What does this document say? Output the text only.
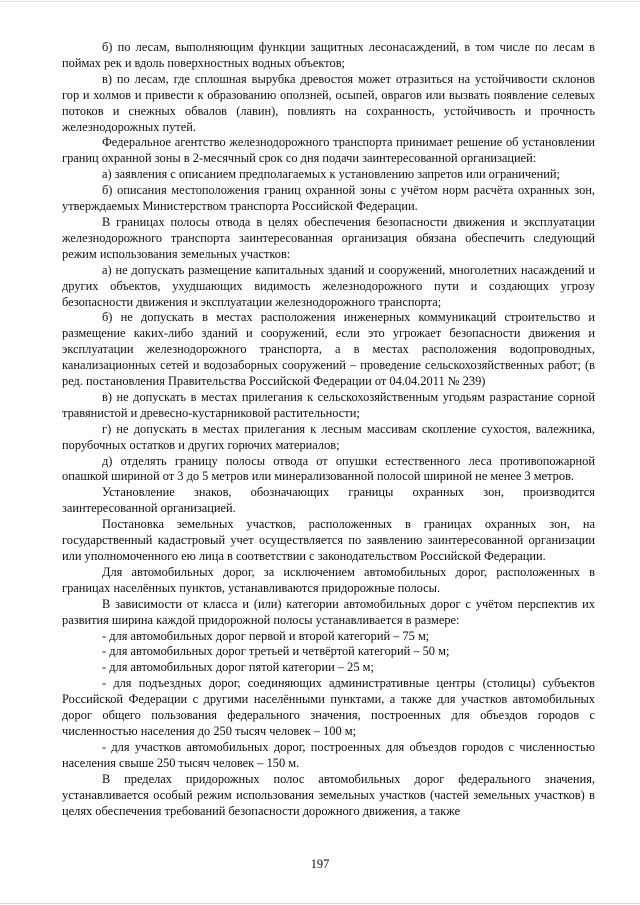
б) по лесам, выполняющим функции защитных лесонасаждений, в том числе по лесам в поймах рек и вдоль поверхностных водных объектов;

в) по лесам, где сплошная вырубка древостоя может отразиться на устойчивости склонов гор и холмов и привести к образованию оползней, осыпей, оврагов или вызвать появление селевых потоков и снежных обвалов (лавин), повлиять на сохранность, устойчивость и прочность железнодорожных путей.

Федеральное агентство железнодорожного транспорта принимает решение об установлении границ охранной зоны в 2-месячный срок со дня подачи заинтересованной организацией:

а) заявления с описанием предполагаемых к установлению запретов или ограничений;

б) описания местоположения границ охранной зоны с учётом норм расчёта охранных зон, утверждаемых Министерством транспорта Российской Федерации.

В границах полосы отвода в целях обеспечения безопасности движения и эксплуатации железнодорожного транспорта заинтересованная организация обязана обеспечить следующий режим использования земельных участков:

а) не допускать размещение капитальных зданий и сооружений, многолетних насаждений и других объектов, ухудшающих видимость железнодорожного пути и создающих угрозу безопасности движения и эксплуатации железнодорожного транспорта;

б) не допускать в местах расположения инженерных коммуникаций строительство и размещение каких-либо зданий и сооружений, если это угрожает безопасности движения и эксплуатации железнодорожного транспорта, а в местах расположения водопроводных, канализационных сетей и водозаборных сооружений – проведение сельскохозяйственных работ; (в ред. постановления Правительства Российской Федерации от 04.04.2011 № 239)

в) не допускать в местах прилегания к сельскохозяйственным угодьям разрастание сорной травянистой и древесно-кустарниковой растительности;

г) не допускать в местах прилегания к лесным массивам скопление сухостоя, валежника, порубочных остатков и других горючих материалов;

д) отделять границу полосы отвода от опушки естественного леса противопожарной опашкой шириной от 3 до 5 метров или минерализованной полосой шириной не менее 3 метров.

Установление знаков, обозначающих границы охранных зон, производится заинтересованной организацией.

Постановка земельных участков, расположенных в границах охранных зон, на государственный кадастровый учет осуществляется по заявлению заинтересованной организации или уполномоченного ею лица в соответствии с законодательством Российской Федерации.

Для автомобильных дорог, за исключением автомобильных дорог, расположенных в границах населённых пунктов, устанавливаются придорожные полосы.

В зависимости от класса и (или) категории автомобильных дорог с учётом перспектив их развития ширина каждой придорожной полосы устанавливается в размере:

- для автомобильных дорог первой и второй категорий – 75 м;

- для автомобильных дорог третьей и четвёртой категорий – 50 м;

- для автомобильных дорог пятой категории – 25 м;

- для подъездных дорог, соединяющих административные центры (столицы) субъектов Российской Федерации с другими населёнными пунктами, а также для участков автомобильных дорог общего пользования федерального значения, построенных для объездов городов с численностью населения до 250 тысяч человек – 100 м;

- для участков автомобильных дорог, построенных для объездов городов с численностью населения свыше 250 тысяч человек – 150 м.

В пределах придорожных полос автомобильных дорог федерального значения, устанавливается особый режим использования земельных участков (частей земельных участков) в целях обеспечения требований безопасности дорожного движения, а также

197
